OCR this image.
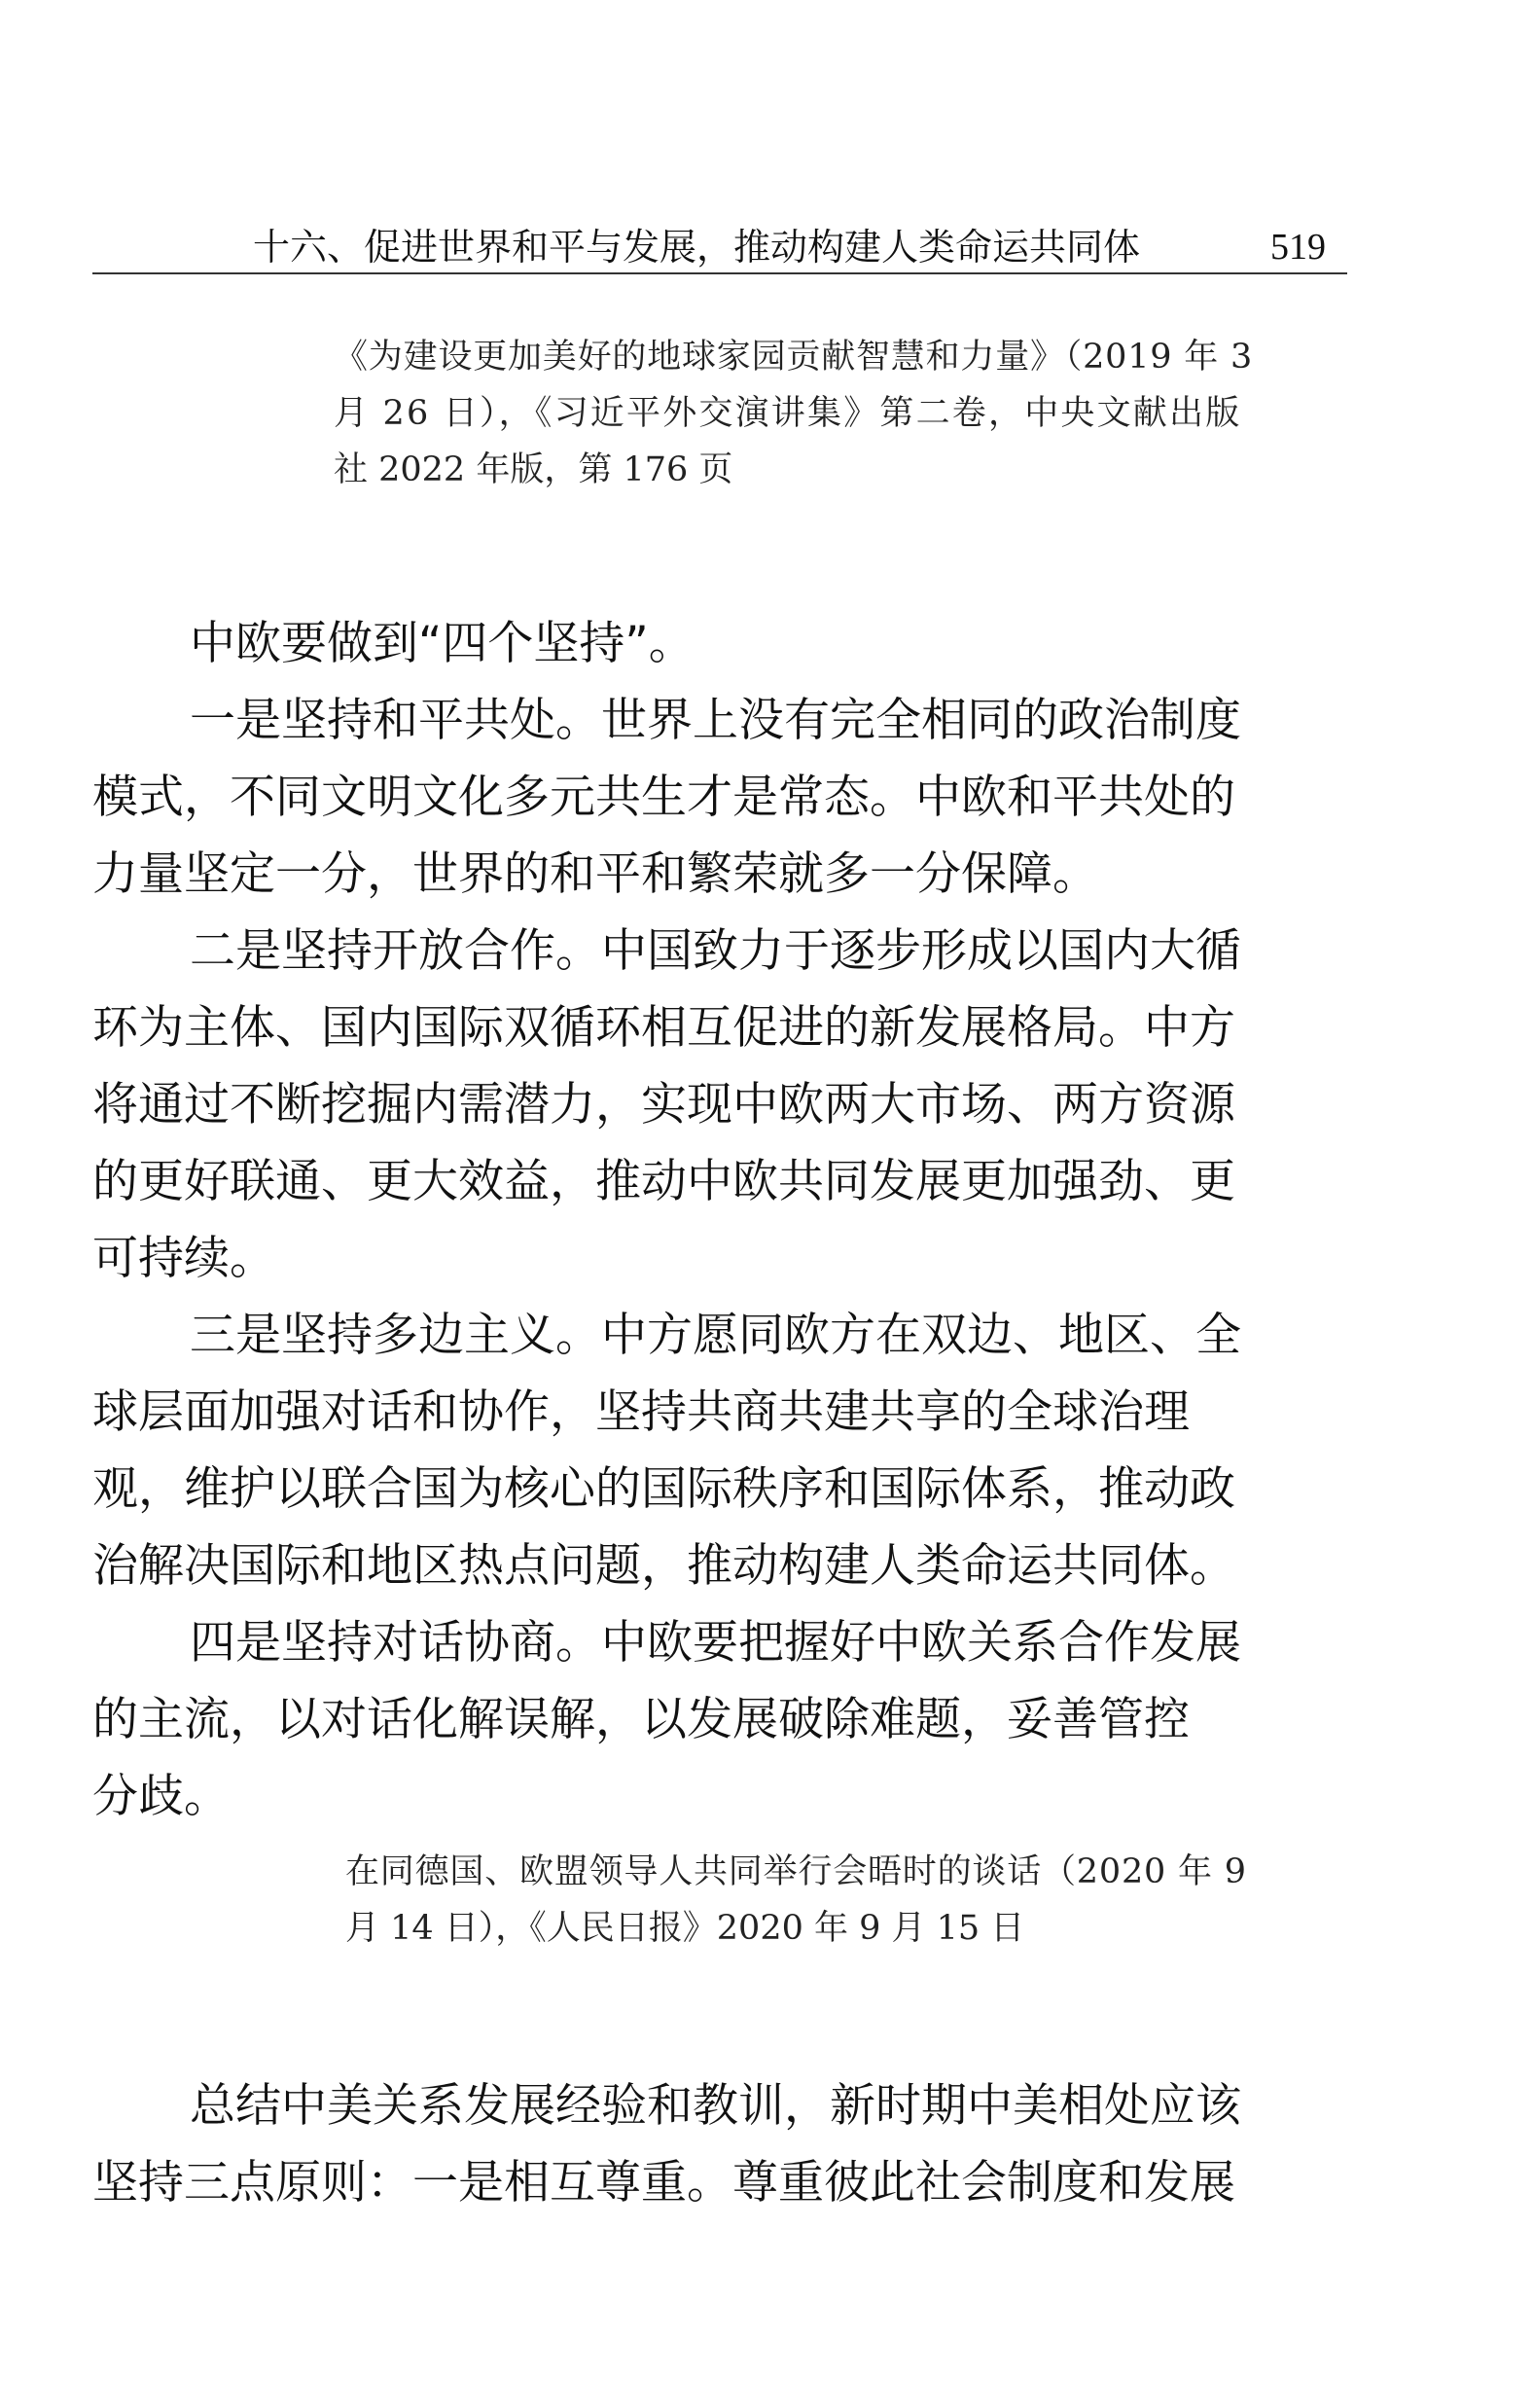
十六、促进世界和平与发展，推动构建人类命运共同体	519
《为建设更加美好的地球家园贡献智慧和力量》（2019 年 3
月 26 日），《习近平外交演讲集》第二卷，中央文献出版
社 2022 年版，第 176 页
中欧要做到“四个坚持”。
一是坚持和平共处。世界上没有完全相同的政治制度
模式，不同文明文化多元共生才是常态。中欧和平共处的
力量坚定一分，世界的和平和繁荣就多一分保障。
二是坚持开放合作。中国致力于逐步形成以国内大循
环为主体、国内国际双循环相互促进的新发展格局。中方
将通过不断挖掘内需潜力，实现中欧两大市场、两方资源
的更好联通、更大效益，推动中欧共同发展更加强劲、更
可持续。
三是坚持多边主义。中方愿同欧方在双边、地区、全
球层面加强对话和协作，坚持共商共建共享的全球治理
观，维护以联合国为核心的国际秩序和国际体系，推动政
治解决国际和地区热点问题，推动构建人类命运共同体。
四是坚持对话协商。中欧要把握好中欧关系合作发展
的主流，以对话化解误解，以发展破除难题，妥善管控
分歧。
在同德国、欧盟领导人共同举行会晤时的谈话（2020 年 9
月 14 日），《人民日报》2020 年 9 月 15 日
总结中美关系发展经验和教训，新时期中美相处应该
坚持三点原则：一是相互尊重。尊重彼此社会制度和发展
